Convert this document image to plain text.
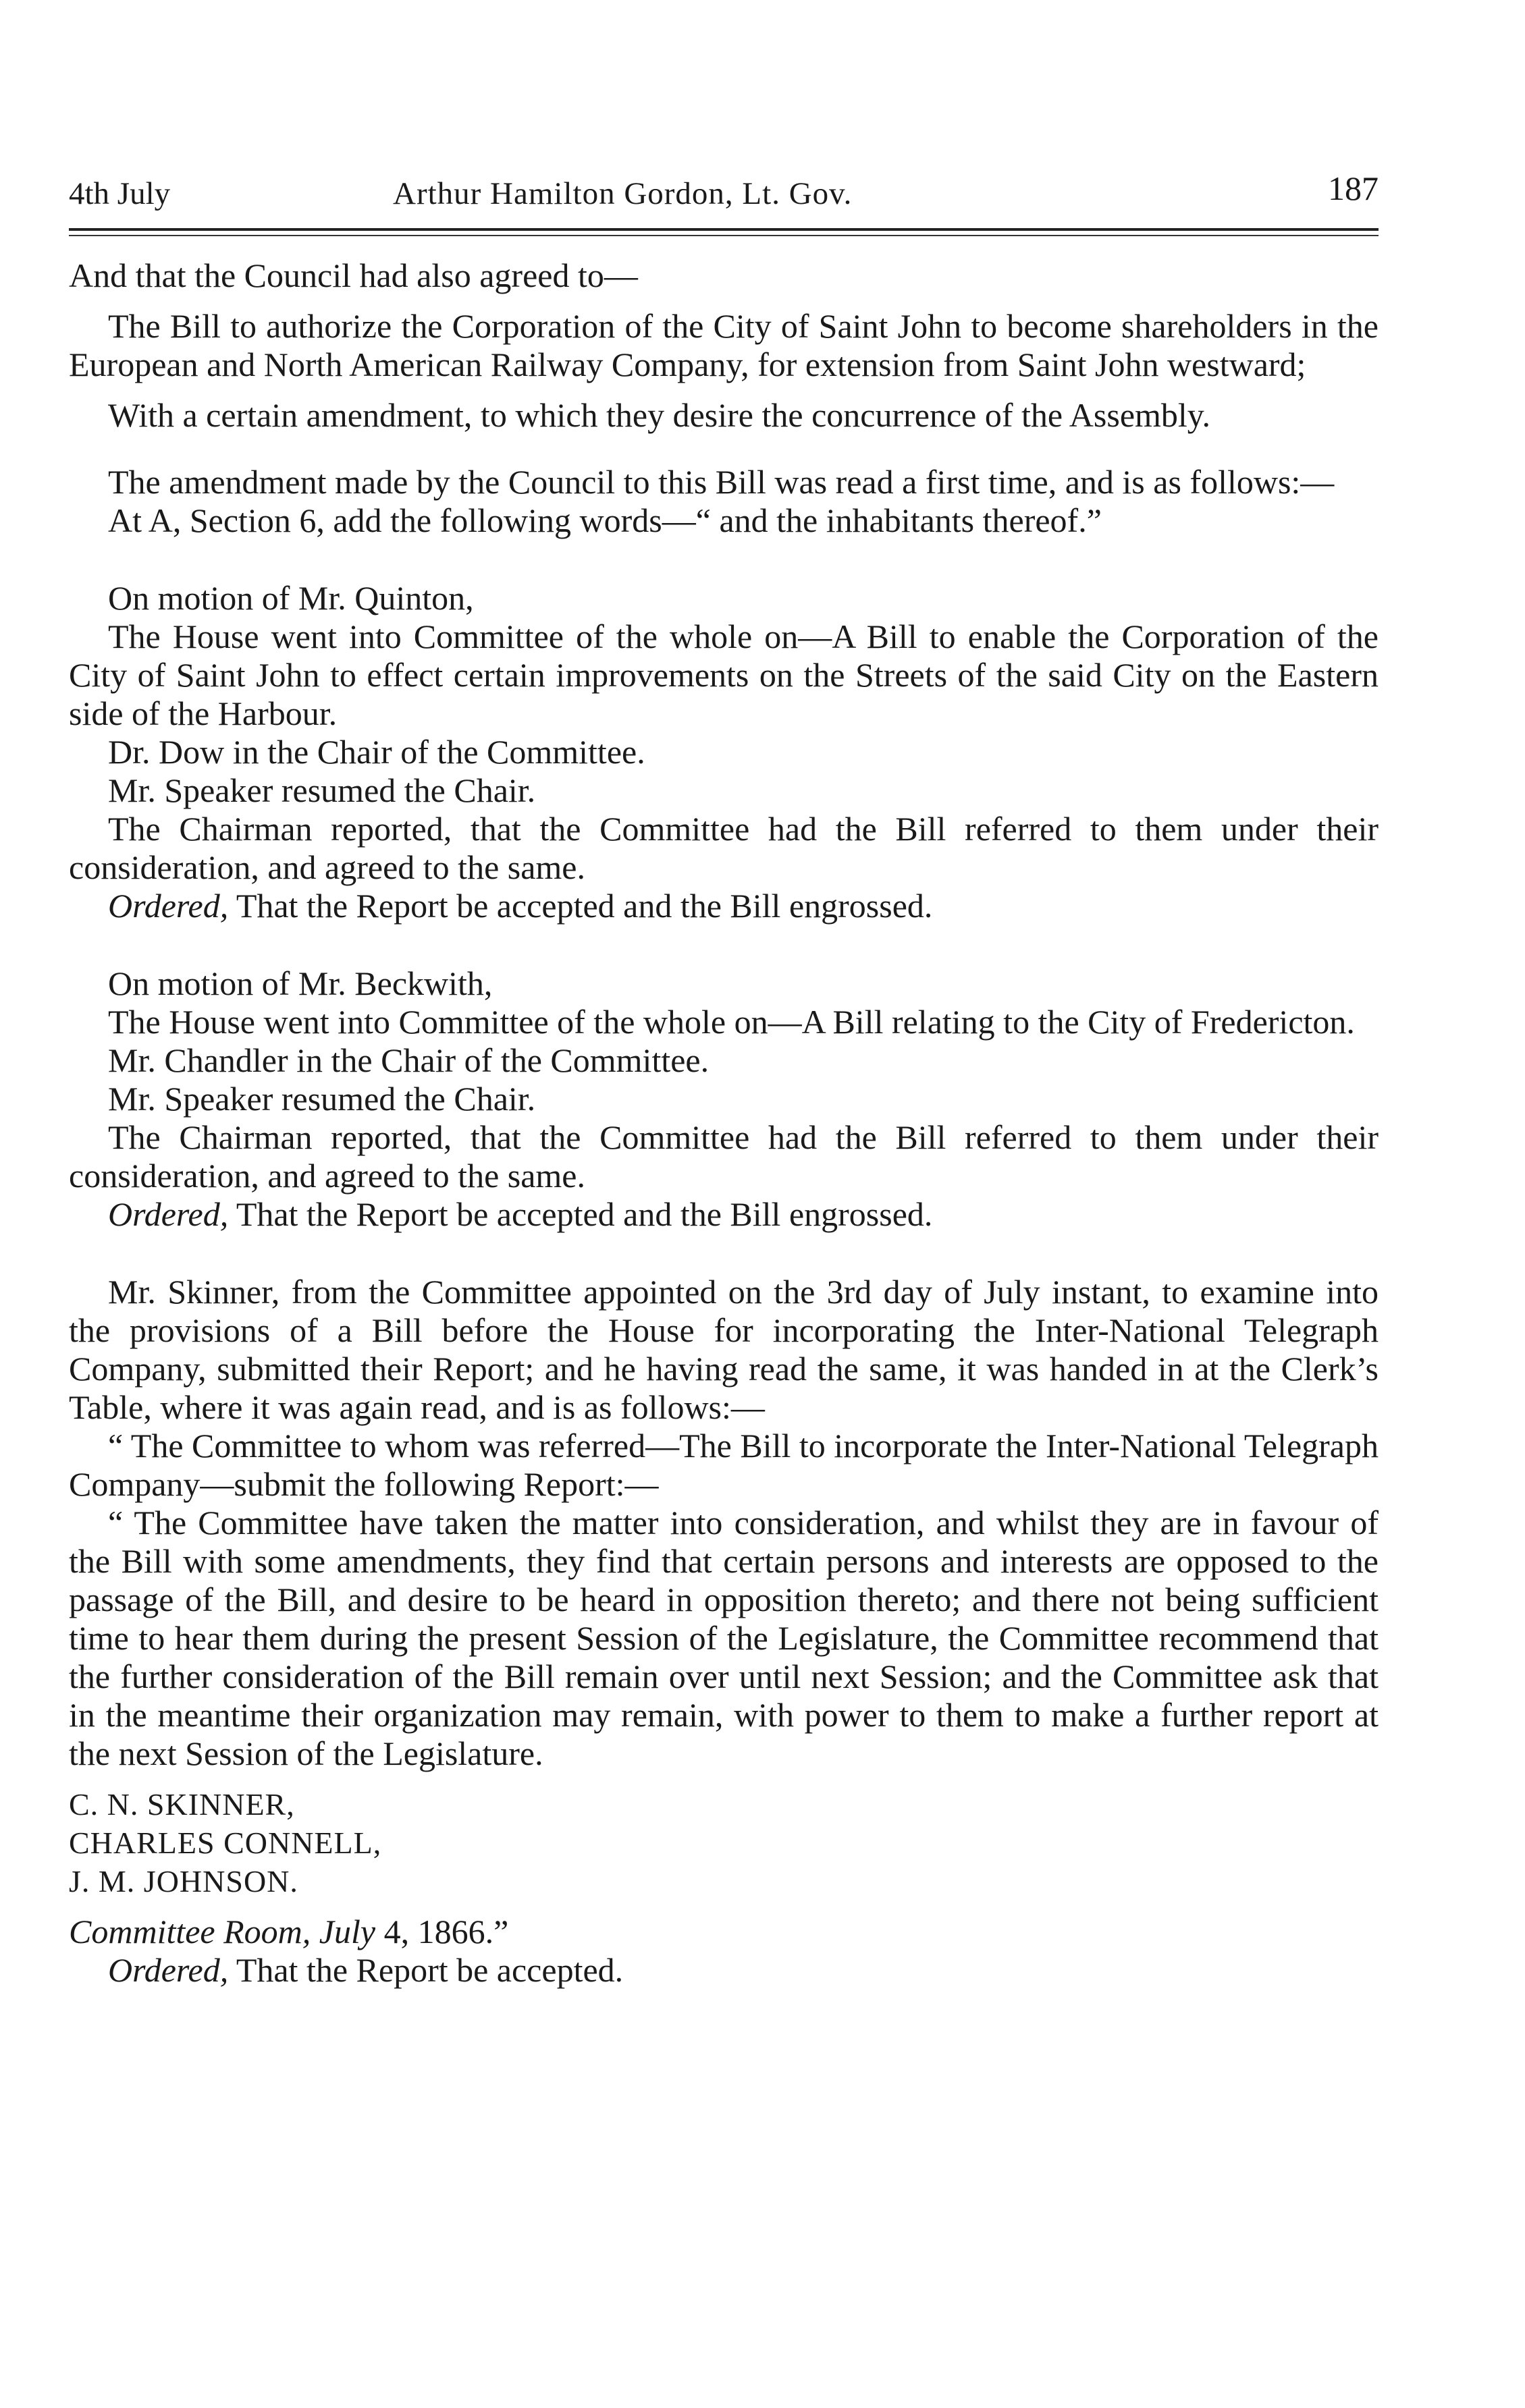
4th July	Arthur Hamilton Gordon, Lt. Gov.	187

And that the Council had also agreed to—

The Bill to authorize the Corporation of the City of Saint John to become shareholders in the European and North American Railway Company, for extension from Saint John westward;

With a certain amendment, to which they desire the concurrence of the Assembly.

The amendment made by the Council to this Bill was read a first time, and is as follows:—

At A, Section 6, add the following words—“ and the inhabitants thereof.”

On motion of Mr. Quinton,

The House went into Committee of the whole on—A Bill to enable the Corporation of the City of Saint John to effect certain improvements on the Streets of the said City on the Eastern side of the Harbour.

Dr. Dow in the Chair of the Committee.

Mr. Speaker resumed the Chair.

The Chairman reported, that the Committee had the Bill referred to them under their consideration, and agreed to the same.

Ordered, That the Report be accepted and the Bill engrossed.

On motion of Mr. Beckwith,

The House went into Committee of the whole on—A Bill relating to the City of Fredericton.

Mr. Chandler in the Chair of the Committee.

Mr. Speaker resumed the Chair.

The Chairman reported, that the Committee had the Bill referred to them under their consideration, and agreed to the same.

Ordered, That the Report be accepted and the Bill engrossed.

Mr. Skinner, from the Committee appointed on the 3rd day of July instant, to examine into the provisions of a Bill before the House for incorporating the Inter-National Telegraph Company, submitted their Report; and he having read the same, it was handed in at the Clerk’s Table, where it was again read, and is as follows:—

“ The Committee to whom was referred—The Bill to incorporate the Inter-National Telegraph Company—submit the following Report:—

“ The Committee have taken the matter into consideration, and whilst they are in favour of the Bill with some amendments, they find that certain persons and interests are opposed to the passage of the Bill, and desire to be heard in opposition thereto; and there not being sufficient time to hear them during the present Session of the Legislature, the Committee recommend that the further consideration of the Bill remain over until next Session; and the Committee ask that in the meantime their organization may remain, with power to them to make a further report at the next Session of the Legislature.

C. N. SKINNER,

CHARLES CONNELL,

J. M. JOHNSON.

Committee Room, July 4, 1866.”

Ordered, That the Report be accepted.
